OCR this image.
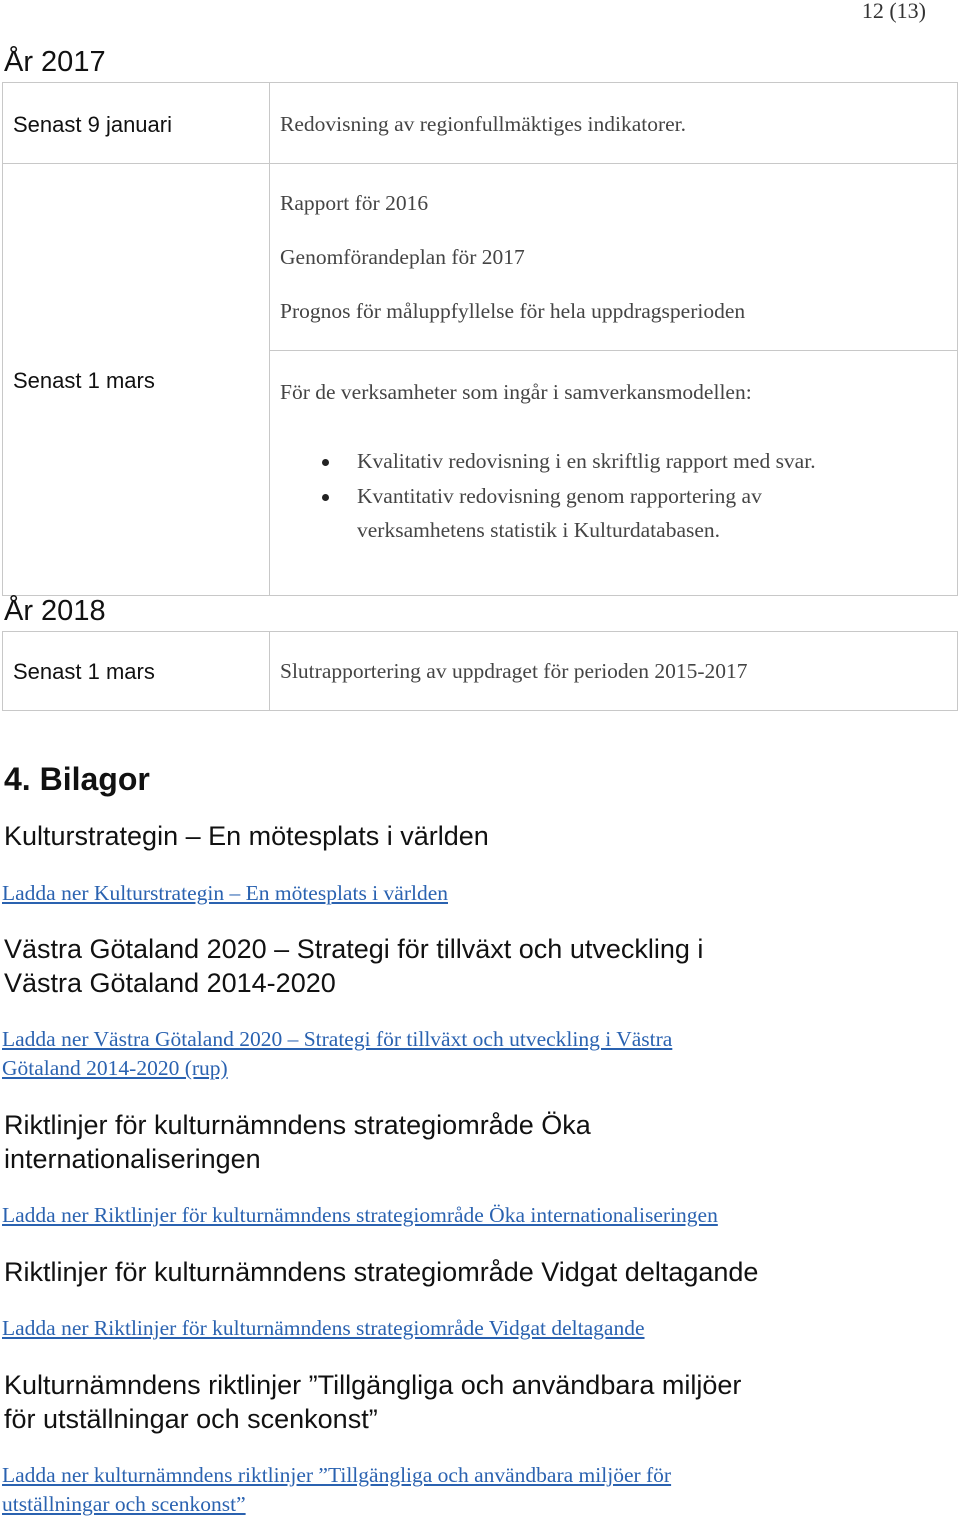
12 (13)
År 2017
Senast 9 januari	Redovisning av regionfullmäktiges indikatorer.
Senast 1 mars
Rapport för 2016
Genomförandeplan för 2017
Prognos för måluppfyllelse för hela uppdragsperioden
För de verksamheter som ingår i samverkansmodellen:
Kvalitativ redovisning i en skriftlig rapport med svar.
Kvantitativ redovisning genom rapportering av
verksamhetens statistik i Kulturdatabasen.
År 2018
Senast 1 mars	Slutrapportering av uppdraget för perioden 2015-2017
4. Bilagor
Kulturstrategin – En mötesplats i världen
Ladda ner Kulturstrategin – En mötesplats i världen
Västra Götaland 2020 – Strategi för tillväxt och utveckling i
Västra Götaland 2014-2020
Ladda ner Västra Götaland 2020 – Strategi för tillväxt och utveckling i Västra
Götaland 2014-2020 (rup)
Riktlinjer för kulturnämndens strategiområde Öka
internationaliseringen
Ladda ner Riktlinjer för kulturnämndens strategiområde Öka internationaliseringen
Riktlinjer för kulturnämndens strategiområde Vidgat deltagande
Ladda ner Riktlinjer för kulturnämndens strategiområde Vidgat deltagande
Kulturnämndens riktlinjer ”Tillgängliga och användbara miljöer
för utställningar och scenkonst”
Ladda ner kulturnämndens riktlinjer ”Tillgängliga och användbara miljöer för
utställningar och scenkonst”
